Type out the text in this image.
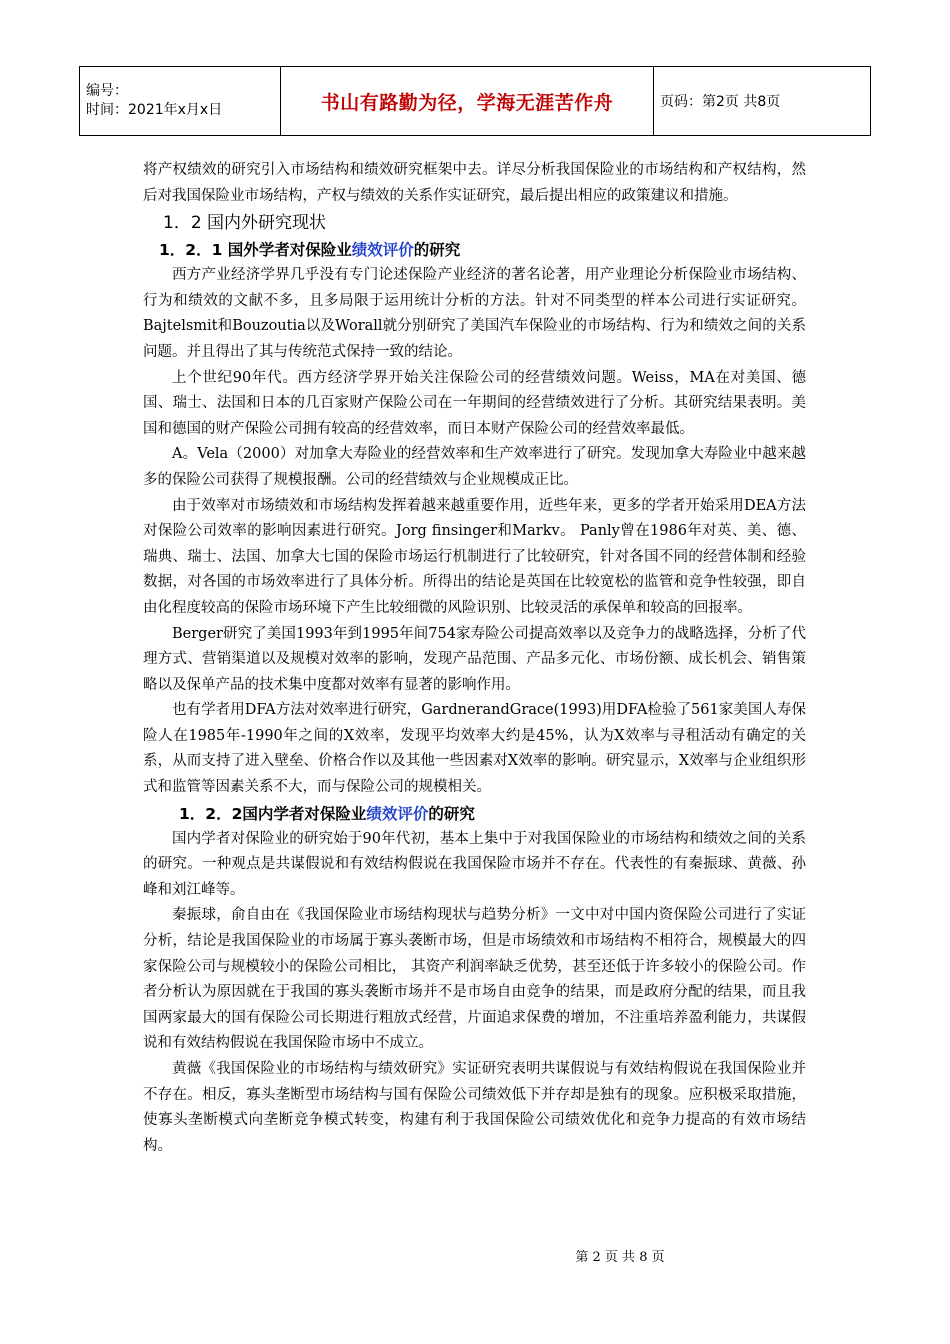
编号：
时间：2021年x月x日	书山有路勤为径，学海无涯苦作舟	页码：第2页 共8页

将产权绩效的研究引入市场结构和绩效研究框架中去。详尽分析我国保险业的市场结构和产权结构，然后对我国保险业市场结构，产权与绩效的关系作实证研究，最后提出相应的政策建议和措施。

1．2 国内外研究现状
1．2．1 国外学者对保险业绩效评价的研究

西方产业经济学界几乎没有专门论述保险产业经济的著名论著，用产业理论分析保险业市场结构、行为和绩效的文献不多，且多局限于运用统计分析的方法。针对不同类型的样本公司进行实证研究。Bajtelsmit和Bouzoutia以及Worall就分别研究了美国汽车保险业的市场结构、行为和绩效之间的关系问题。并且得出了其与传统范式保持一致的结论。

上个世纪90年代。西方经济学界开始关注保险公司的经营绩效问题。Weiss，MA在对美国、德国、瑞士、法国和日本的几百家财产保险公司在一年期间的经营绩效进行了分析。其研究结果表明。美国和德国的财产保险公司拥有较高的经营效率，而日本财产保险公司的经营效率最低。

A。Vela（2000）对加拿大寿险业的经营效率和生产效率进行了研究。发现加拿大寿险业中越来越多的保险公司获得了规模报酬。公司的经营绩效与企业规模成正比。

由于效率对市场绩效和市场结构发挥着越来越重要作用，近些年来，更多的学者开始采用DEA方法对保险公司效率的影响因素进行研究。Jorg finsinger和Markv。 Panly曾在1986年对英、美、德、瑞典、瑞士、法国、加拿大七国的保险市场运行机制进行了比较研究，针对各国不同的经营体制和经验数据，对各国的市场效率进行了具体分析。所得出的结论是英国在比较宽松的监管和竞争性较强，即自由化程度较高的保险市场环境下产生比较细微的风险识别、比较灵活的承保单和较高的回报率。

Berger研究了美国1993年到1995年间754家寿险公司提高效率以及竞争力的战略选择，分析了代理方式、营销渠道以及规模对效率的影响，发现产品范围、产品多元化、市场份额、成长机会、销售策略以及保单产品的技术集中度都对效率有显著的影响作用。

也有学者用DFA方法对效率进行研究，GardnerandGrace(1993)用DFA检验了561家美国人寿保险人在1985年-1990年之间的X效率，发现平均效率大约是45%，认为X效率与寻租活动有确定的关系，从而支持了进入壁垒、价格合作以及其他一些因素对X效率的影响。研究显示，X效率与企业组织形式和监管等因素关系不大，而与保险公司的规模相关。

1．2．2国内学者对保险业绩效评价的研究

国内学者对保险业的研究始于90年代初，基本上集中于对我国保险业的市场结构和绩效之间的关系的研究。一种观点是共谋假说和有效结构假说在我国保险市场并不存在。代表性的有秦振球、黄薇、孙峰和刘江峰等。

秦振球，俞自由在《我国保险业市场结构现状与趋势分析》一文中对中国内资保险公司进行了实证分析，结论是我国保险业的市场属于寡头袭断市场，但是市场绩效和市场结构不相符合，规模最大的四家保险公司与规模较小的保险公司相比， 其资产利润率缺乏优势，甚至还低于许多较小的保险公司。作者分析认为原因就在于我国的寡头袭断市场并不是市场自由竞争的结果，而是政府分配的结果，而且我国两家最大的国有保险公司长期进行粗放式经营，片面追求保费的增加，不注重培养盈利能力，共谋假说和有效结构假说在我国保险市场中不成立。

黄薇《我国保险业的市场结构与绩效研究》实证研究表明共谋假说与有效结构假说在我国保险业并不存在。相反，寡头垄断型市场结构与国有保险公司绩效低下并存却是独有的现象。应积极采取措施，使寡头垄断模式向垄断竞争模式转变，构建有利于我国保险公司绩效优化和竞争力提高的有效市场结构。

第 2 页 共 8 页
